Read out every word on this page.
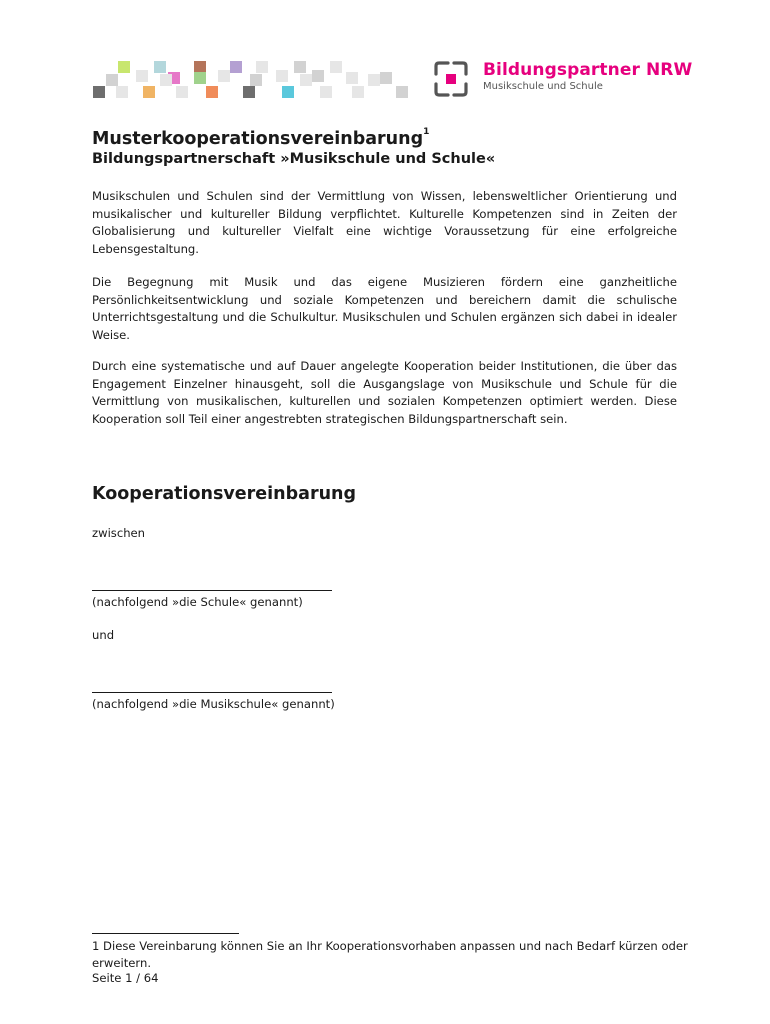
Bildungspartner NRW
Musikschule und Schule
Musterkooperationsvereinbarung$^1$
Bildungspartnerschaft »Musikschule und Schule«

Musikschulen und Schulen sind der Vermittlung von Wissen, lebensweltlicher Orientierung und musikalischer und kultureller Bildung verpflichtet. Kulturelle Kompetenzen sind in Zeiten der Globalisierung und kultureller Vielfalt eine wichtige Voraussetzung für eine erfolgreiche Lebensgestaltung.

Die Begegnung mit Musik und das eigene Musizieren fördern eine ganzheitliche Persönlichkeitsentwicklung und soziale Kompetenzen und bereichern damit die schulische Unterrichtsgestaltung und die Schulkultur. Musikschulen und Schulen ergänzen sich dabei in idealer Weise.

Durch eine systematische und auf Dauer angelegte Kooperation beider Institutionen, die über das Engagement Einzelner hinausgeht, soll die Ausgangslage von Musikschule und Schule für die Vermittlung von musikalischen, kulturellen und sozialen Kompetenzen optimiert werden. Diese Kooperation soll Teil einer angestrebten strategischen Bildungspartnerschaft sein.

Kooperationsvereinbarung
zwischen
(nachfolgend »die Schule« genannt)
und
(nachfolgend »die Musikschule« genannt)
1 Diese Vereinbarung können Sie an Ihr Kooperationsvorhaben anpassen und nach Bedarf kürzen oder erweitern.
Seite 1 / 64
